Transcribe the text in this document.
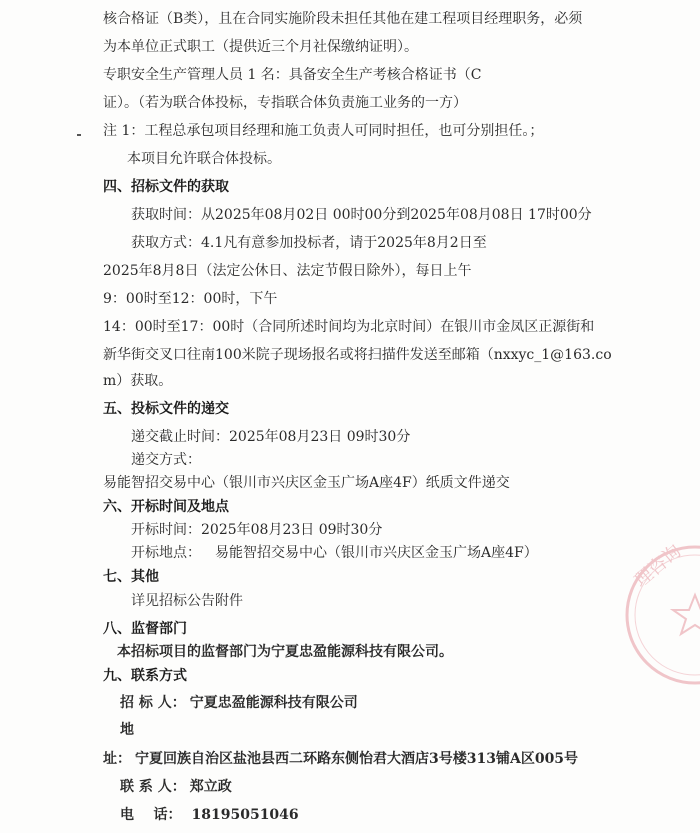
核合格证（B类），且在合同实施阶段未担任其他在建工程项目经理职务，必须
为本单位正式职工（提供近三个月社保缴纳证明）。
专职安全生产管理人员 1 名：具备安全生产考核合格证书（C
证）。（若为联合体投标，专指联合体负责施工业务的一方）
注 1：工程总承包项目经理和施工负责人可同时担任，也可分别担任。；
本项目允许联合体投标。
四、招标文件的获取
获取时间：从2025年08月02日 00时00分到2025年08月08日 17时00分
获取方式：4.1凡有意参加投标者，请于2025年8月2日至
2025年8月8日（法定公休日、法定节假日除外），每日上午
9：00时至12：00时，下午
14：00时至17：00时（合同所述时间均为北京时间）在银川市金凤区正源街和
新华街交叉口往南100米院子现场报名或将扫描件发送至邮箱（nxxyc_1@163.co
m）获取。
五、投标文件的递交
递交截止时间：2025年08月23日 09时30分
递交方式：
易能智招交易中心（银川市兴庆区金玉广场A座4F）纸质文件递交
六、开标时间及地点
开标时间：2025年08月23日 09时30分
开标地点： 易能智招交易中心（银川市兴庆区金玉广场A座4F）
七、其他
详见招标公告附件
八、监督部门
本招标项目的监督部门为宁夏忠盈能源科技有限公司。
九、联系方式
招 标 人： 宁夏忠盈能源科技有限公司
地
址： 宁夏回族自治区盐池县西二环路东侧怡君大酒店3号楼313铺A区005号
联 系 人： 郑立政
电    话： 18195051046
理咨询
